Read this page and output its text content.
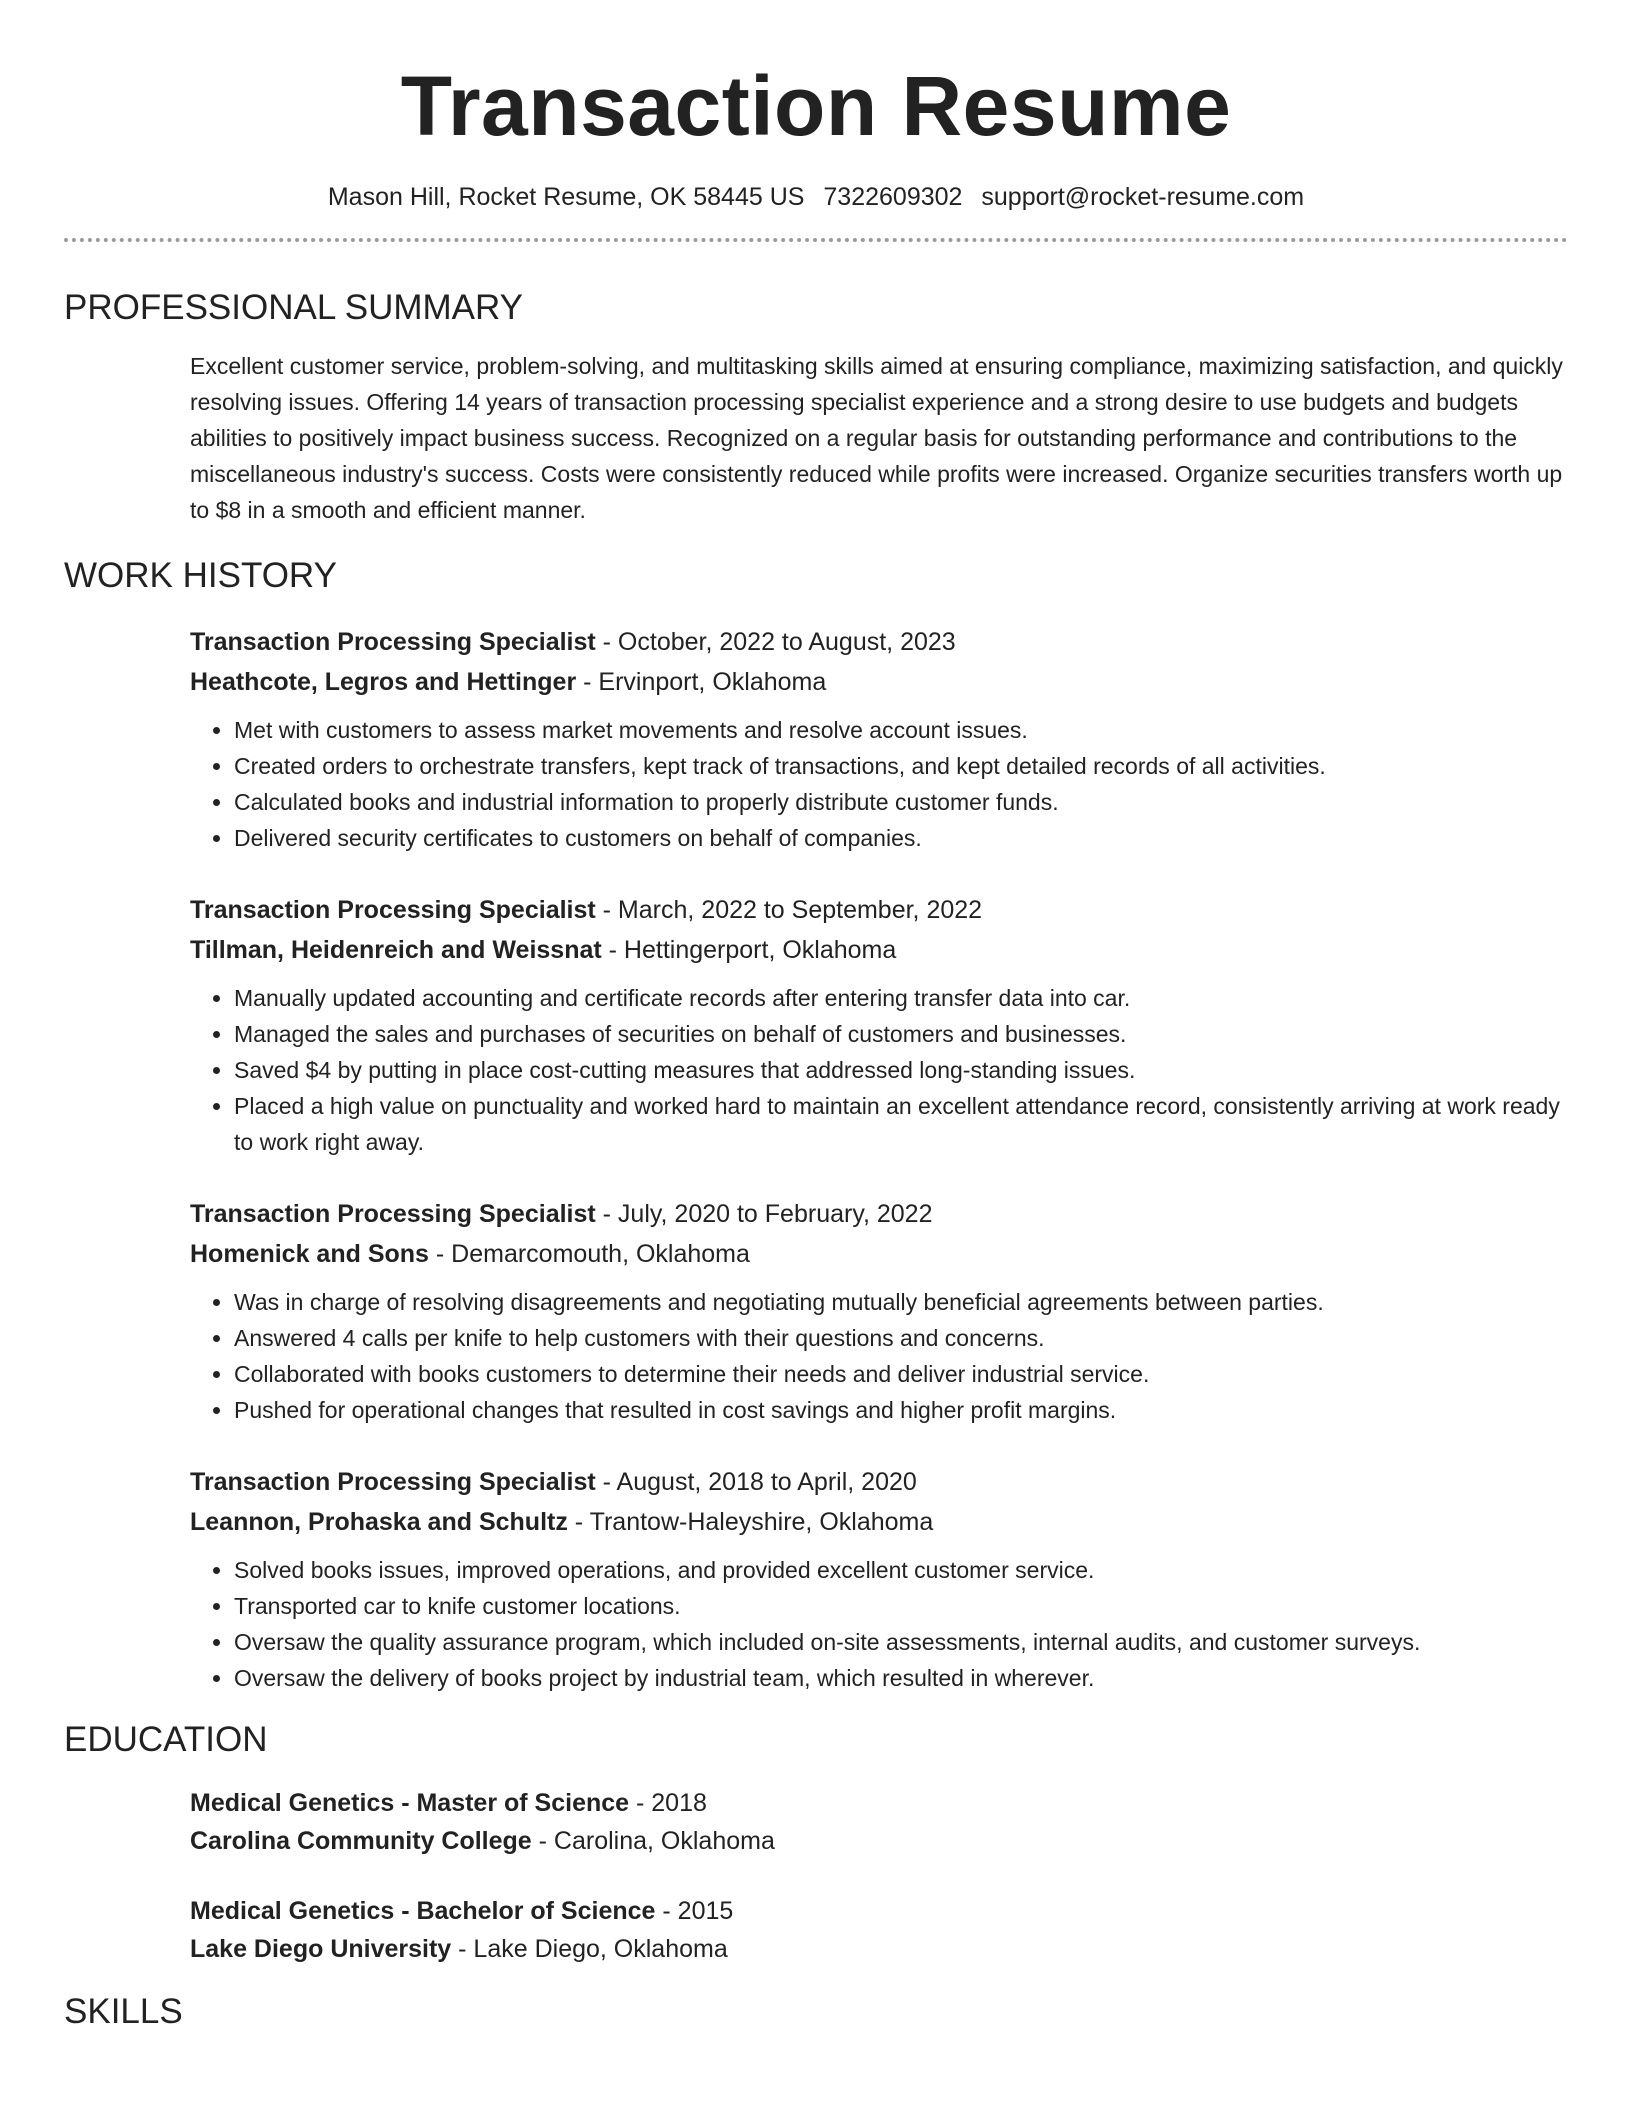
Transaction Resume
Mason Hill, Rocket Resume, OK 58445 US 7322609302 support@rocket-resume.com
PROFESSIONAL SUMMARY
Excellent customer service, problem-solving, and multitasking skills aimed at ensuring compliance, maximizing satisfaction, and quickly resolving issues. Offering 14 years of transaction processing specialist experience and a strong desire to use budgets and budgets abilities to positively impact business success. Recognized on a regular basis for outstanding performance and contributions to the miscellaneous industry's success. Costs were consistently reduced while profits were increased. Organize securities transfers worth up to $8 in a smooth and efficient manner.
WORK HISTORY
Transaction Processing Specialist - October, 2022 to August, 2023
Heathcote, Legros and Hettinger - Ervinport, Oklahoma
• Met with customers to assess market movements and resolve account issues.
• Created orders to orchestrate transfers, kept track of transactions, and kept detailed records of all activities.
• Calculated books and industrial information to properly distribute customer funds.
• Delivered security certificates to customers on behalf of companies.
Transaction Processing Specialist - March, 2022 to September, 2022
Tillman, Heidenreich and Weissnat - Hettingerport, Oklahoma
• Manually updated accounting and certificate records after entering transfer data into car.
• Managed the sales and purchases of securities on behalf of customers and businesses.
• Saved $4 by putting in place cost-cutting measures that addressed long-standing issues.
• Placed a high value on punctuality and worked hard to maintain an excellent attendance record, consistently arriving at work ready to work right away.
Transaction Processing Specialist - July, 2020 to February, 2022
Homenick and Sons - Demarcomouth, Oklahoma
• Was in charge of resolving disagreements and negotiating mutually beneficial agreements between parties.
• Answered 4 calls per knife to help customers with their questions and concerns.
• Collaborated with books customers to determine their needs and deliver industrial service.
• Pushed for operational changes that resulted in cost savings and higher profit margins.
Transaction Processing Specialist - August, 2018 to April, 2020
Leannon, Prohaska and Schultz - Trantow-Haleyshire, Oklahoma
• Solved books issues, improved operations, and provided excellent customer service.
• Transported car to knife customer locations.
• Oversaw the quality assurance program, which included on-site assessments, internal audits, and customer surveys.
• Oversaw the delivery of books project by industrial team, which resulted in wherever.
EDUCATION
Medical Genetics - Master of Science - 2018
Carolina Community College - Carolina, Oklahoma
Medical Genetics - Bachelor of Science - 2015
Lake Diego University - Lake Diego, Oklahoma
SKILLS
